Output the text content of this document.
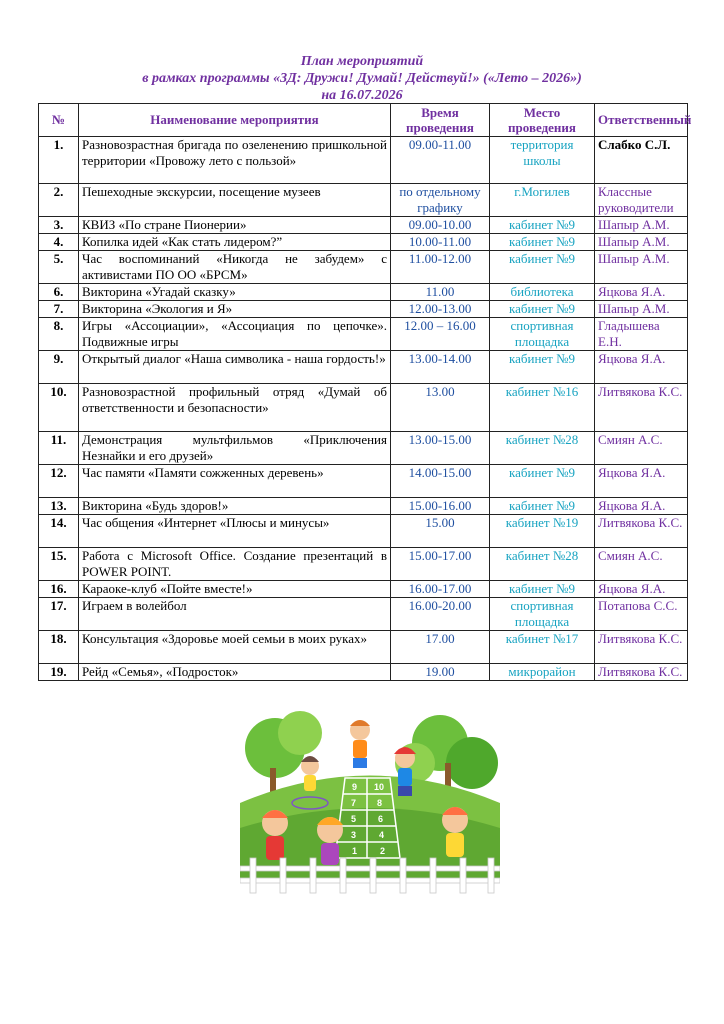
План мероприятий
в рамках программы «3Д: Дружи! Думай! Действуй!» («Лето – 2026»)
на 16.07.2026
№	Наименование мероприятия	Время проведения	Место проведения	Ответственный
1.	Разновозрастная бригада по озеленению пришкольной территории «Провожу лето с пользой»	09.00-11.00	территория школы	Слабко С.Л.
2.	Пешеходные экскурсии, посещение музеев	по отдельному графику	г.Могилев	Классные руководители
3.	КВИЗ «По стране Пионерии»	09.00-10.00	кабинет №9	Шапыр А.М.
4.	Копилка идей «Как стать лидером?”	10.00-11.00	кабинет №9	Шапыр А.М.
5.	Час воспоминаний «Никогда не забудем» с активистами ПО ОО «БРСМ»	11.00-12.00	кабинет №9	Шапыр А.М.
6.	Викторина «Угадай сказку»	11.00	библиотека	Яцкова Я.А.
7.	Викторина «Экология и Я»	12.00-13.00	кабинет №9	Шапыр А.М.
8.	Игры «Ассоциации», «Ассоциация по цепочке». Подвижные игры	12.00 – 16.00	спортивная площадка	Гладышева Е.Н.
9.	Открытый диалог «Наша символика - наша гордость!»	13.00-14.00	кабинет №9	Яцкова Я.А.
10.	Разновозрастной профильный отряд «Думай об ответственности и безопасности»	13.00	кабинет №16	Литвякова К.С.
11.	Демонстрация мультфильмов «Приключения Незнайки и его друзей»	13.00-15.00	кабинет №28	Смиян А.С.
12.	Час памяти «Памяти сожженных деревень»	14.00-15.00	кабинет №9	Яцкова Я.А.
13.	Викторина «Будь здоров!»	15.00-16.00	кабинет №9	Яцкова Я.А.
14.	Час общения «Интернет «Плюсы и минусы»	15.00	кабинет №19	Литвякова К.С.
15.	Работа с Microsoft Office. Создание презентаций в POWER POINT.	15.00-17.00	кабинет №28	Смиян А.С.
16.	Караоке-клуб «Пойте вместе!»	16.00-17.00	кабинет №9	Яцкова Я.А.
17.	Играем в волейбол	16.00-20.00	спортивная площадка	Потапова С.С.
18.	Консультация «Здоровье моей семьи в моих руках»	17.00	кабинет №17	Литвякова К.С.
19.	Рейд «Семья», «Подросток»	19.00	микрорайон	Литвякова К.С.
1	2
3	4
5 6
7 8
9 10
